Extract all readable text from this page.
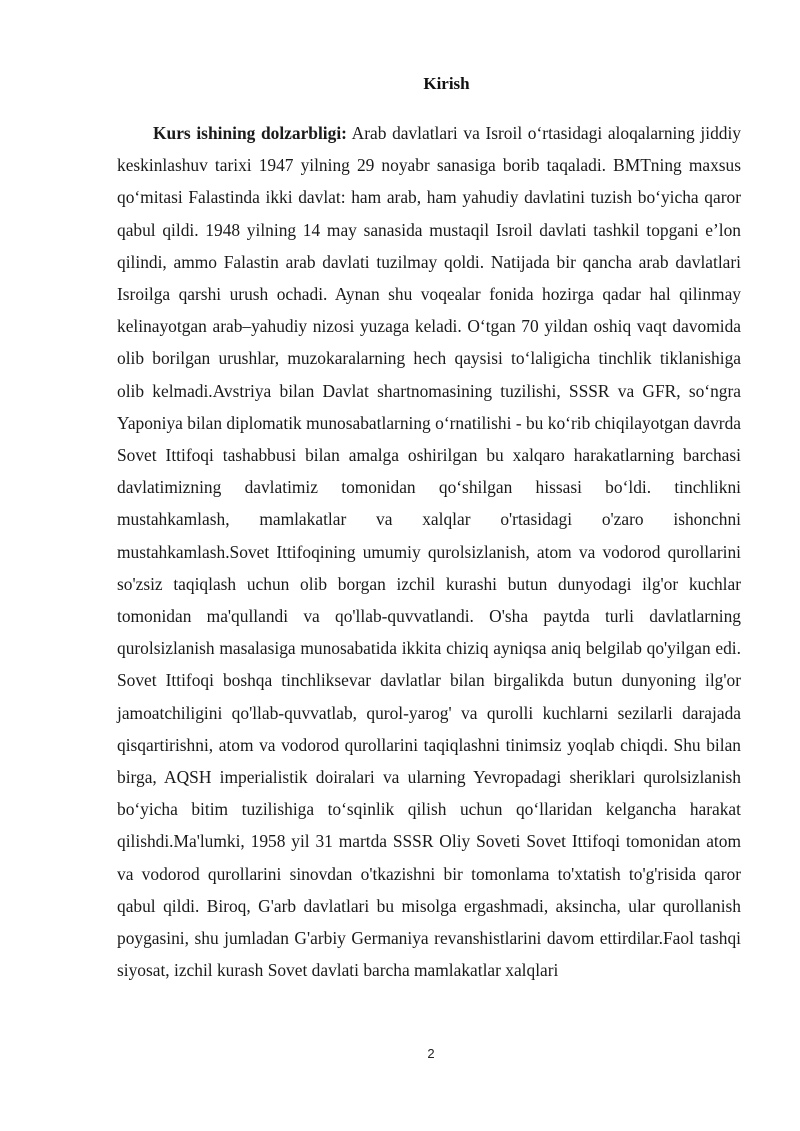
Kirish

Kurs ishining dolzarbligi: Arab davlatlari va Isroil o‘rtasidagi aloqalarning jiddiy keskinlashuv tarixi 1947 yilning 29 noyabr sanasiga borib taqaladi. BMTning maxsus qo‘mitasi Falastinda ikki davlat: ham arab, ham yahudiy davlatini tuzish bo‘yicha qaror qabul qildi. 1948 yilning 14 may sanasida mustaqil Isroil davlati tashkil topgani e’lon qilindi, ammo Falastin arab davlati tuzilmay qoldi. Natijada bir qancha arab davlatlari Isroilga qarshi urush ochadi. Aynan shu voqealar fonida hozirga qadar hal qilinmay kelinayotgan arab–yahudiy nizosi yuzaga keladi. O‘tgan 70 yildan oshiq vaqt davomida olib borilgan urushlar, muzokaralarning hech qaysisi to‘laligicha tinchlik tiklanishiga olib kelmadi.Avstriya bilan Davlat shartnomasining tuzilishi, SSSR va GFR, so‘ngra Yaponiya bilan diplomatik munosabatlarning o‘rnatilishi - bu ko‘rib chiqilayotgan davrda Sovet Ittifoqi tashabbusi bilan amalga oshirilgan bu xalqaro harakatlarning barchasi davlatimizning davlatimiz tomonidan qo‘shilgan hissasi bo‘ldi. tinchlikni mustahkamlash, mamlakatlar va xalqlar o'rtasidagi o'zaro ishonchni mustahkamlash.Sovet Ittifoqining umumiy qurolsizlanish, atom va vodorod qurollarini so'zsiz taqiqlash uchun olib borgan izchil kurashi butun dunyodagi ilg'or kuchlar tomonidan ma'qullandi va qo'llab-quvvatlandi. O'sha paytda turli davlatlarning qurolsizlanish masalasiga munosabatida ikkita chiziq ayniqsa aniq belgilab qo'yilgan edi. Sovet Ittifoqi boshqa tinchliksevar davlatlar bilan birgalikda butun dunyoning ilg'or jamoatchiligini qo'llab-quvvatlab, qurol-yarog' va qurolli kuchlarni sezilarli darajada qisqartirishni, atom va vodorod qurollarini taqiqlashni tinimsiz yoqlab chiqdi. Shu bilan birga, AQSH imperialistik doiralari va ularning Yevropadagi sheriklari qurolsizlanish bo‘yicha bitim tuzilishiga to‘sqinlik qilish uchun qo‘llaridan kelgancha harakat qilishdi.Ma'lumki, 1958 yil 31 martda SSSR Oliy Soveti Sovet Ittifoqi tomonidan atom va vodorod qurollarini sinovdan o'tkazishni bir tomonlama to'xtatish to'g'risida qaror qabul qildi. Biroq, G'arb davlatlari bu misolga ergashmadi, aksincha, ular qurollanish poygasini, shu jumladan G'arbiy Germaniya revanshistlarini davom ettirdilar.Faol tashqi siyosat, izchil kurash Sovet davlati barcha mamlakatlar xalqlari

2
